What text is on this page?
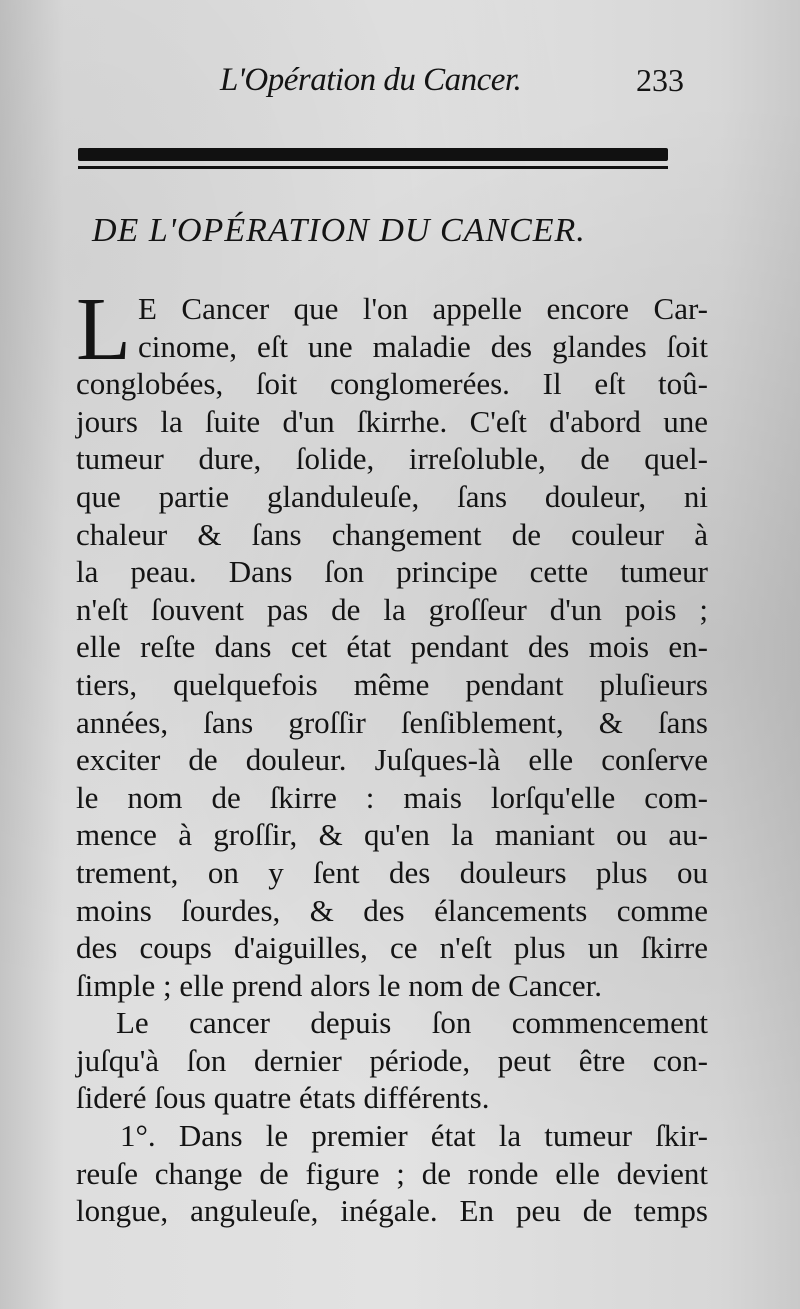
L'Opération du Cancer.	233
DE L'OPÉRATION DU CANCER.
L E Cancer que l'on appelle encore Car-
cinome, eſt une maladie des glandes ſoit
conglobées, ſoit conglomerées. Il eſt toû-
jours la ſuite d'un ſkirrhe. C'eſt d'abord une
tumeur dure, ſolide, irreſoluble, de quel-
que partie glanduleuſe, ſans douleur, ni
chaleur & ſans changement de couleur à
la peau. Dans ſon principe cette tumeur
n'eſt ſouvent pas de la groſſeur d'un pois ;
elle reſte dans cet état pendant des mois en-
tiers, quelquefois même pendant pluſieurs
années, ſans groſſir ſenſiblement, & ſans
exciter de douleur. Juſques-là elle conſerve
le nom de ſkirre : mais lorſqu'elle com-
mence à groſſir, & qu'en la maniant ou au-
trement, on y ſent des douleurs plus ou
moins ſourdes, & des élancements comme
des coups d'aiguilles, ce n'eſt plus un ſkirre
ſimple ; elle prend alors le nom de Cancer.
Le cancer depuis ſon commencement
juſqu'à ſon dernier période, peut être con-
ſideré ſous quatre états différents.
1°. Dans le premier état la tumeur ſkir-
reuſe change de figure ; de ronde elle devient
longue, anguleuſe, inégale. En peu de temps
